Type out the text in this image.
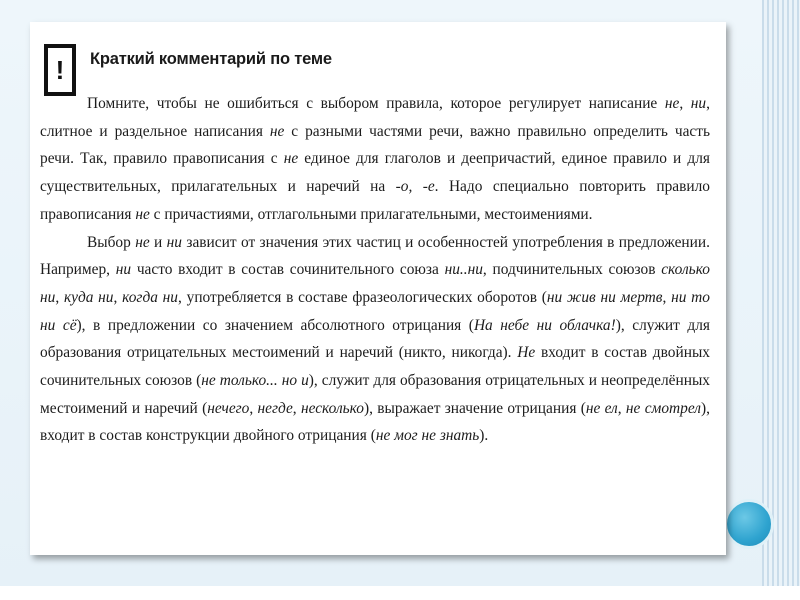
! Краткий комментарий по теме

Помните, чтобы не ошибиться с выбором правила, которое регулирует написание не, ни, слитное и раздельное написания не с разными частями речи, важно правильно определить часть речи. Так, правило правописания с не единое для глаголов и деепричастий, единое правило и для существительных, прилагательных и наречий на -о, -е. Надо специально повторить правило правописания не с причастиями, отглагольными прилагательными, местоимениями.

Выбор не и ни зависит от значения этих частиц и особенностей употребления в предложении. Например, ни часто входит в состав сочинительного союза ни..ни, подчинительных союзов сколько ни, куда ни, когда ни, употребляется в составе фразеологических оборотов (ни жив ни мертв, ни то ни сё), в предложении со значением абсолютного отрицания (На небе ни облачка!), служит для образования отрицательных местоимений и наречий (никто, никогда). Не входит в состав двойных сочинительных союзов (не только... но и), служит для образования отрицательных и неопределённых местоимений и наречий (нечего, негде, несколько), выражает значение отрицания (не ел, не смотрел), входит в состав конструкции двойного отрицания (не мог не знать).
